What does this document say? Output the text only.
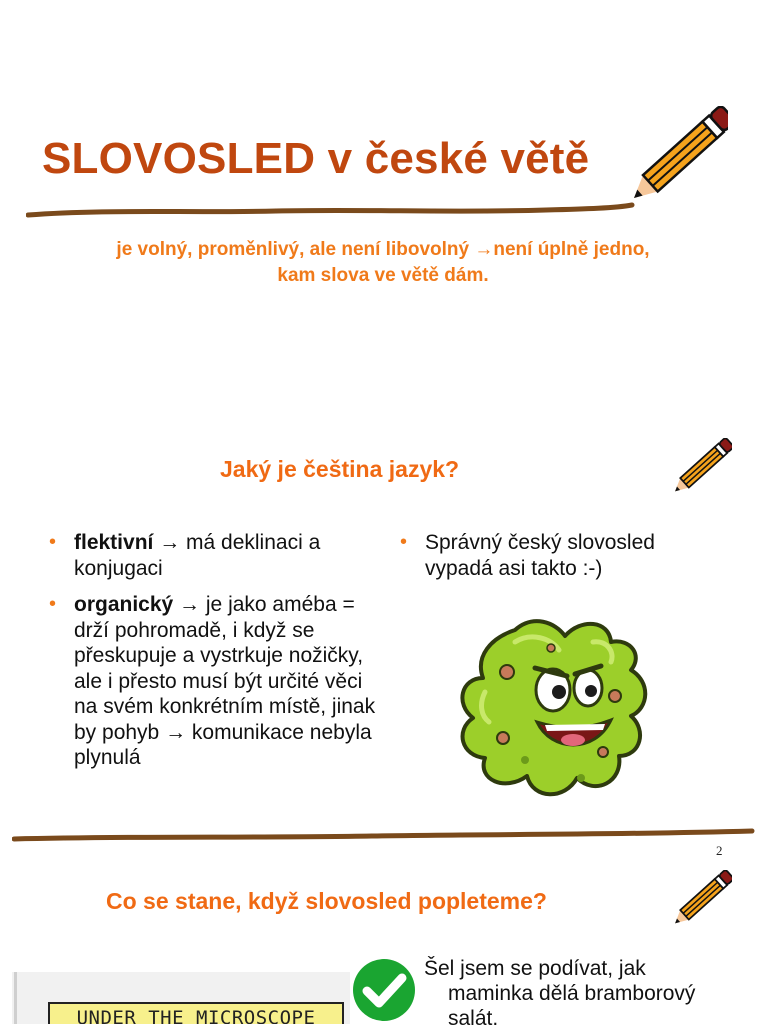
SLOVOSLED v české větě
je volný, proměnlivý, ale není libovolný →není úplně jedno,
kam slova ve větě dám.
Jaký je čeština jazyk?
• flektivní → má deklinaci a konjugaci
• organický → je jako améba = drží pohromadě, i když se přeskupuje a vystrkuje nožičky, ale i přesto musí být určité věci na svém konkrétním místě, jinak by pohyb → komunikace nebyla plynulá
• Správný český slovosled vypadá asi takto :-)
2
Co se stane, když slovosled popleteme?
UNDER THE MICROSCOPE
Šel jsem se podívat, jak
maminka dělá bramborový
salát.
